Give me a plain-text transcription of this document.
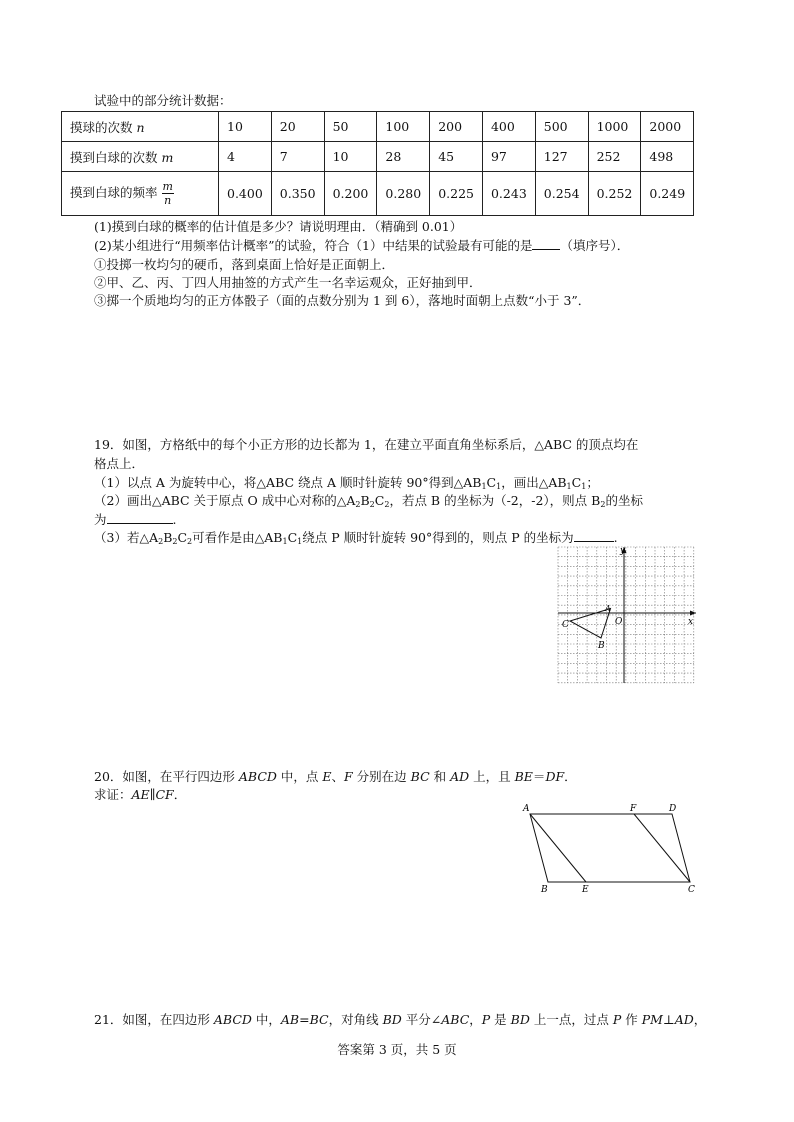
试验中的部分统计数据：
摸球的次数 n	10	20	50	100	200	400	500	1000	2000
摸到白球的次数 m	4	7	10	28	45	97	127	252	498
摸到白球的频率 $\frac{m}{n}$	0.400	0.350	0.200	0.280	0.225	0.243	0.254	0.252	0.249
(1)摸到白球的概率的估计值是多少？请说明理由．（精确到 0.01）
(2)某小组进行“用频率估计概率”的试验，符合（1）中结果的试验最有可能的是 （填序号）．
①投掷一枚均匀的硬币，落到桌面上恰好是正面朝上．
②甲、乙、丙、丁四人用抽签的方式产生一名幸运观众，正好抽到甲．
③掷一个质地均匀的正方体骰子（面的点数分别为 1 到 6），落地时面朝上点数“小于 3”．
19．如图，方格纸中的每个小正方形的边长都为 1，在建立平面直角坐标系后，△ABC 的顶点均在
格点上．
（1）以点 A 为旋转中心，将△ABC 绕点 A 顺时针旋转 90°得到$\triangle AB_1C_1$，画出$\triangle AB_1C_1$；
（2）画出△ABC 关于原点 O 成中心对称的$\triangle A_2B_2C_2$，若点 B 的坐标为（-2，-2），则点 $B_2$的坐标
为	.
（3）若$\triangle A_2B_2C_2$可看作是由$\triangle AB_1C_1$绕点 P 顺时针旋转 90°得到的，则点 P 的坐标为	.
y
x
O
A
B
C
20．如图，在平行四边形 ABCD 中，点 E、F 分别在边 BC 和 AD 上，且 BE＝DF．
求证：AE∥CF．
A	F	D
B	E	C
21．如图，在四边形 ABCD 中，AB=BC，对角线 BD 平分∠ABC，P 是 BD 上一点，过点 P 作 PM⊥AD，
答案第 3 页，共 5 页
